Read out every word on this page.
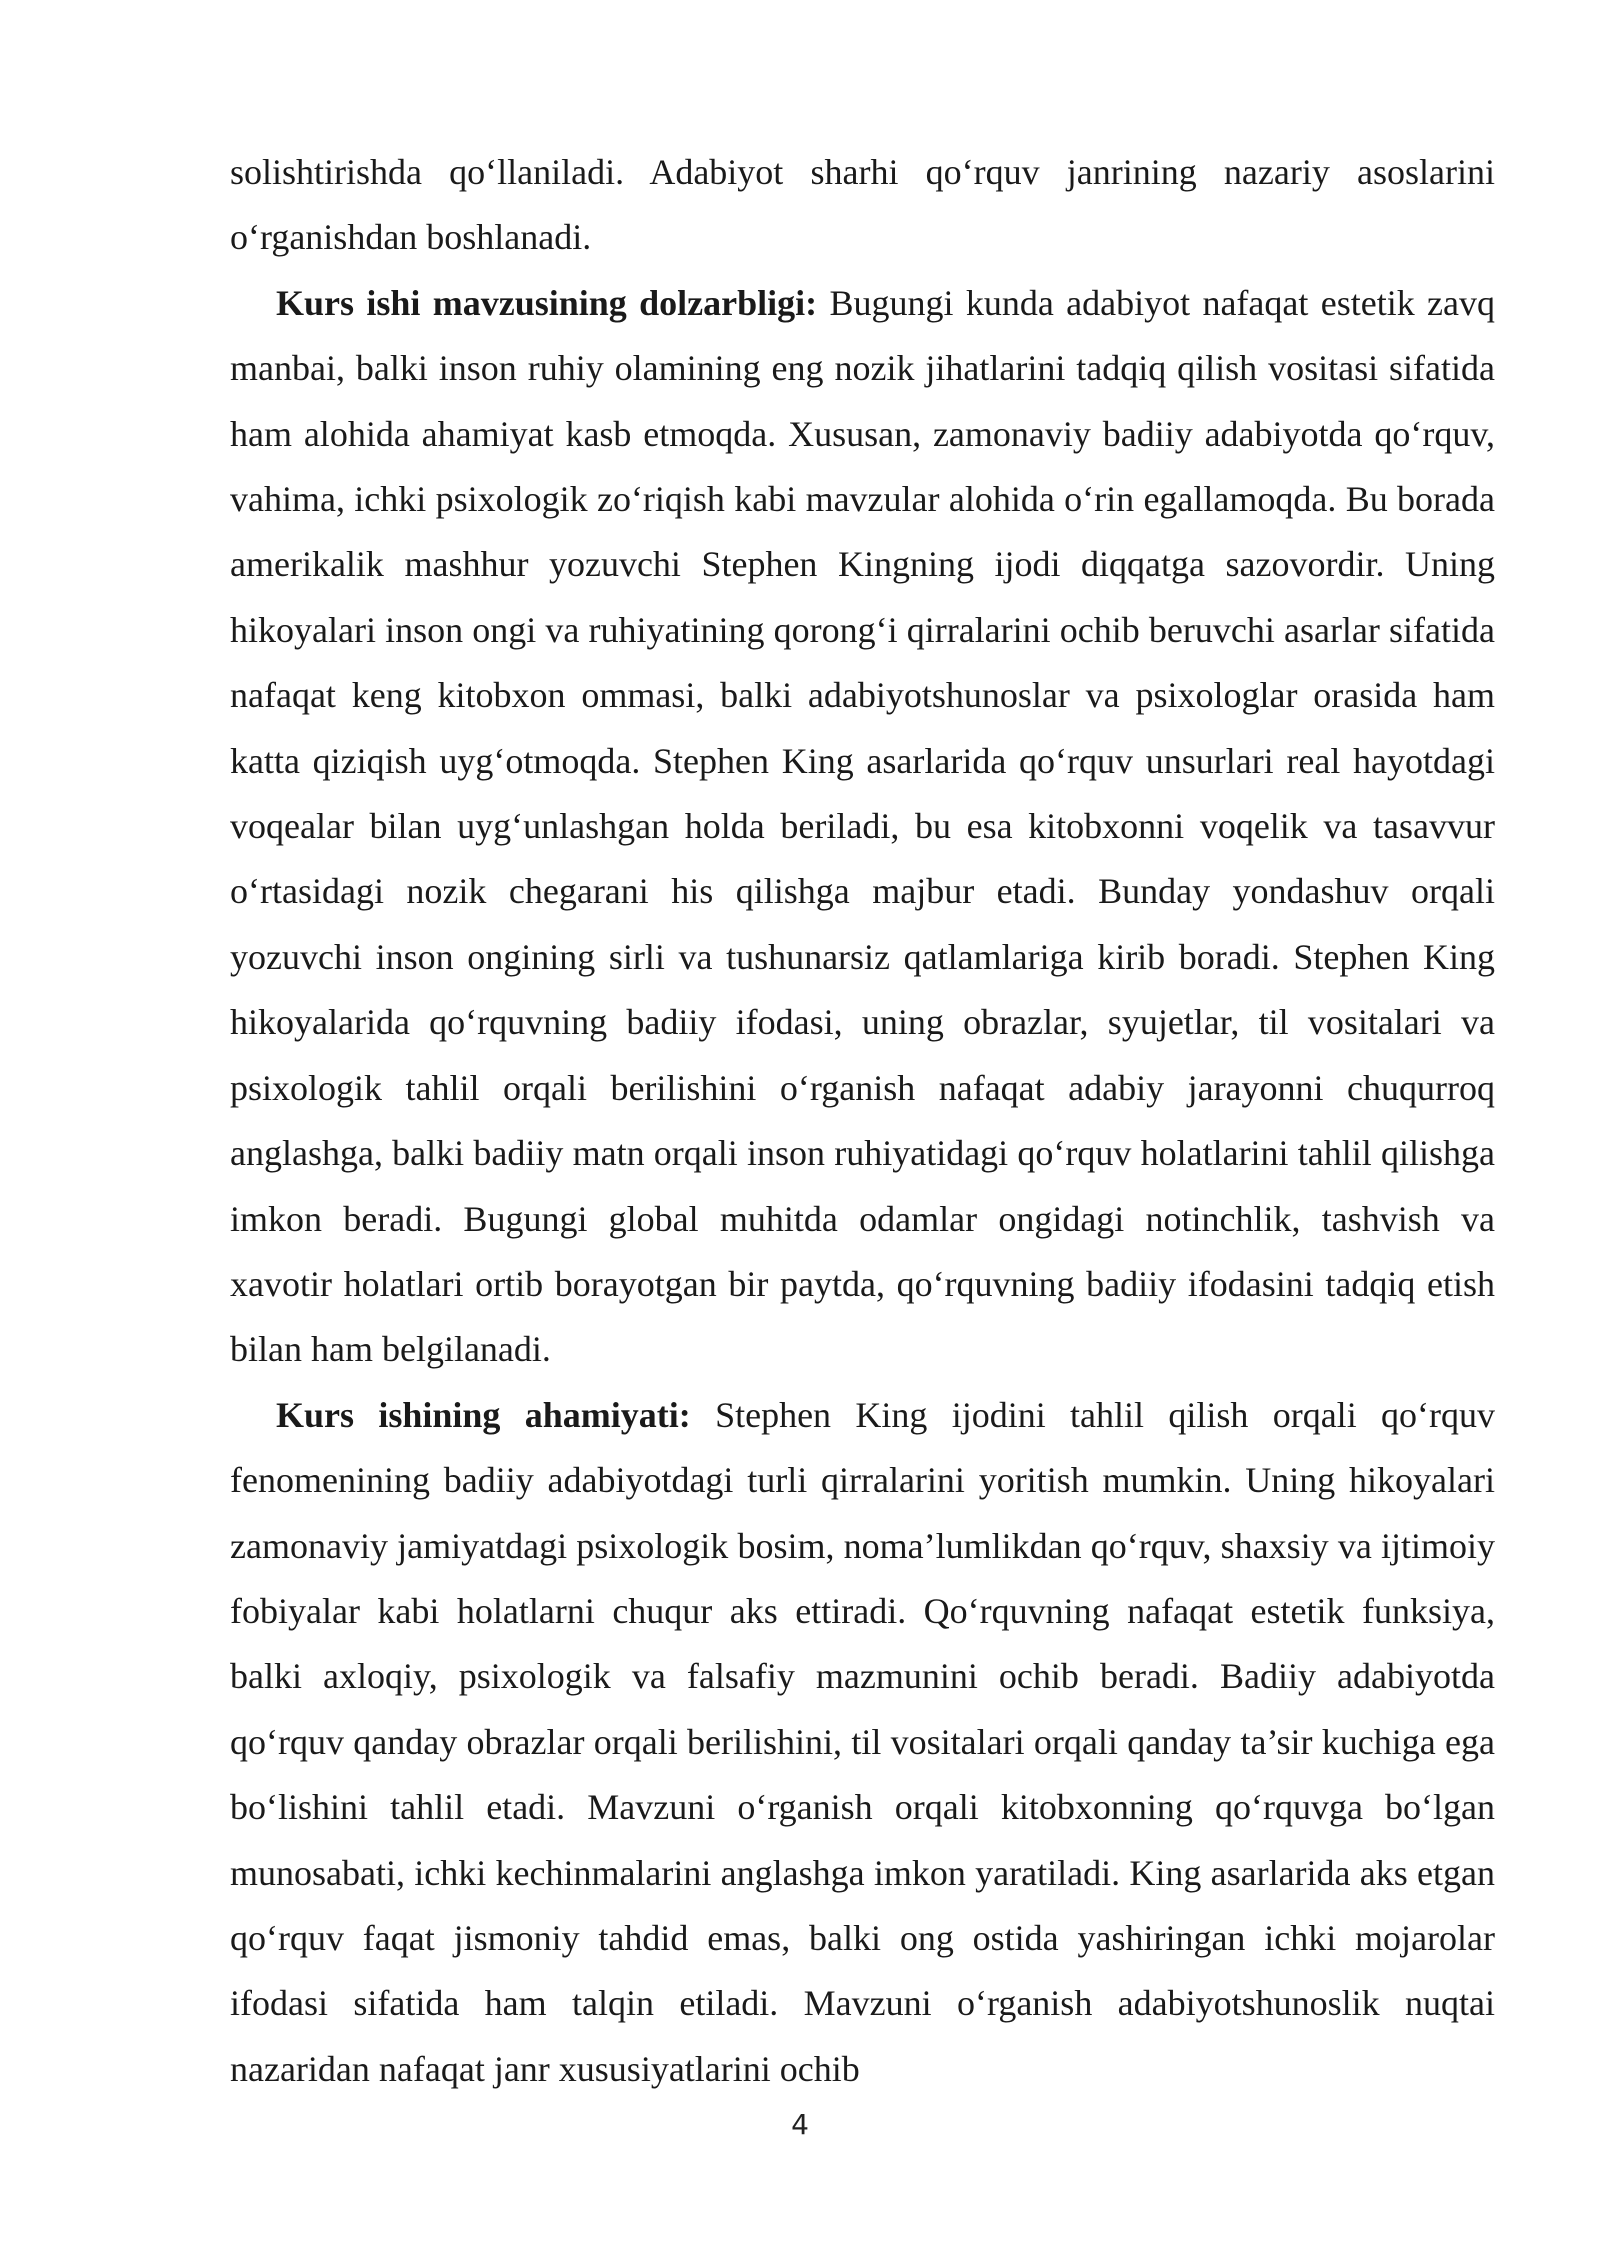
solishtirishda qo‘llaniladi. Adabiyot sharhi qo‘rquv janrining nazariy asoslarini o‘rganishdan boshlanadi.

Kurs ishi mavzusining dolzarbligi: Bugungi kunda adabiyot nafaqat estetik zavq manbai, balki inson ruhiy olamining eng nozik jihatlarini tadqiq qilish vositasi sifatida ham alohida ahamiyat kasb etmoqda. Xususan, zamonaviy badiiy adabiyotda qo‘rquv, vahima, ichki psixologik zo‘riqish kabi mavzular alohida o‘rin egallamoqda. Bu borada amerikalik mashhur yozuvchi Stephen Kingning ijodi diqqatga sazovordir. Uning hikoyalari inson ongi va ruhiyatining qorong‘i qirralarini ochib beruvchi asarlar sifatida nafaqat keng kitobxon ommasi, balki adabiyotshunoslar va psixologlar orasida ham katta qiziqish uyg‘otmoqda. Stephen King asarlarida qo‘rquv unsurlari real hayotdagi voqealar bilan uyg‘unlashgan holda beriladi, bu esa kitobxonni voqelik va tasavvur o‘rtasidagi nozik chegarani his qilishga majbur etadi. Bunday yondashuv orqali yozuvchi inson ongining sirli va tushunarsiz qatlamlariga kirib boradi. Stephen King hikoyalarida qo‘rquvning badiiy ifodasi, uning obrazlar, syujetlar, til vositalari va psixologik tahlil orqali berilishini o‘rganish nafaqat adabiy jarayonni chuqurroq anglashga, balki badiiy matn orqali inson ruhiyatidagi qo‘rquv holatlarini tahlil qilishga imkon beradi. Bugungi global muhitda odamlar ongidagi notinchlik, tashvish va xavotir holatlari ortib borayotgan bir paytda, qo‘rquvning badiiy ifodasini tadqiq etish bilan ham belgilanadi.

Kurs ishining ahamiyati: Stephen King ijodini tahlil qilish orqali qo‘rquv fenomenining badiiy adabiyotdagi turli qirralarini yoritish mumkin. Uning hikoyalari zamonaviy jamiyatdagi psixologik bosim, noma’lumlikdan qo‘rquv, shaxsiy va ijtimoiy fobiyalar kabi holatlarni chuqur aks ettiradi. Qo‘rquvning nafaqat estetik funksiya, balki axloqiy, psixologik va falsafiy mazmunini ochib beradi. Badiiy adabiyotda qo‘rquv qanday obrazlar orqali berilishini, til vositalari orqali qanday ta’sir kuchiga ega bo‘lishini tahlil etadi. Mavzuni o‘rganish orqali kitobxonning qo‘rquvga bo‘lgan munosabati, ichki kechinmalarini anglashga imkon yaratiladi. King asarlarida aks etgan qo‘rquv faqat jismoniy tahdid emas, balki ong ostida yashiringan ichki mojarolar ifodasi sifatida ham talqin etiladi. Mavzuni o‘rganish adabiyotshunoslik nuqtai nazaridan nafaqat janr xususiyatlarini ochib

4
